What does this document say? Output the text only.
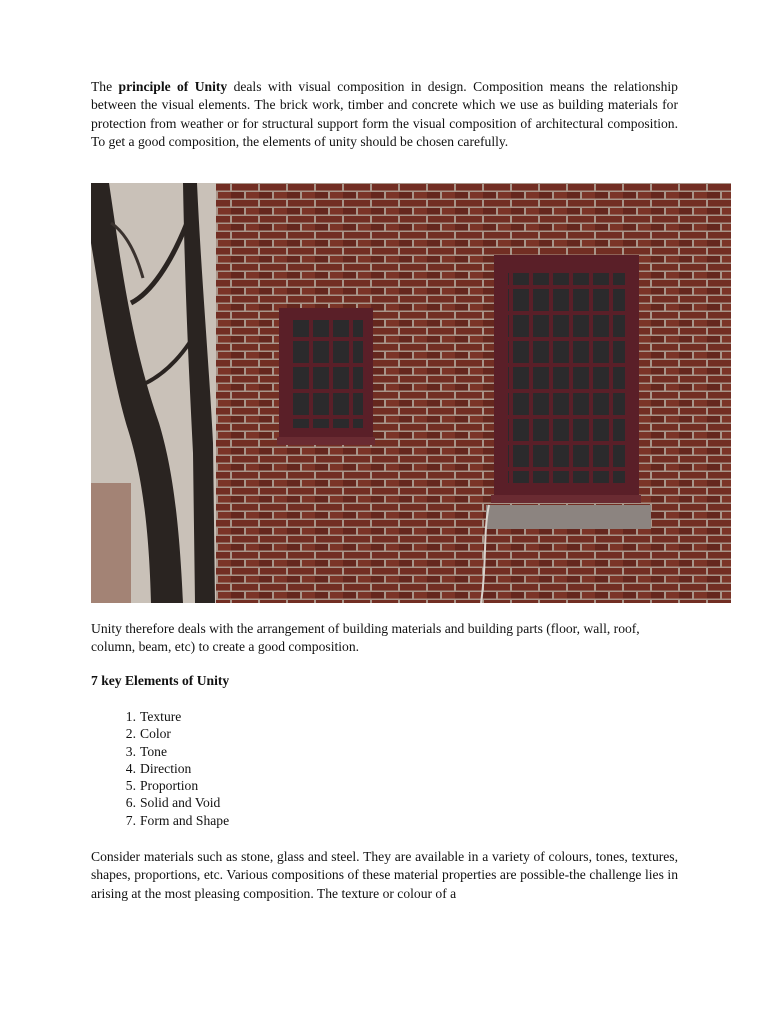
The principle of Unity deals with visual composition in design. Composition means the relationship between the visual elements. The brick work, timber and concrete which we use as building materials for protection from weather or for structural support form the visual composition of architectural composition. To get a good composition, the elements of unity should be chosen carefully.

Unity therefore deals with the arrangement of building materials and building parts (floor, wall, roof, column, beam, etc) to create a good composition.

7 key Elements of Unity

1. Texture
2. Color
3. Tone
4. Direction
5. Proportion
6. Solid and Void
7. Form and Shape

Consider materials such as stone, glass and steel. They are available in a variety of colours, tones, textures, shapes, proportions, etc. Various compositions of these material properties are possible-the challenge lies in arising at the most pleasing composition. The texture or colour of a
